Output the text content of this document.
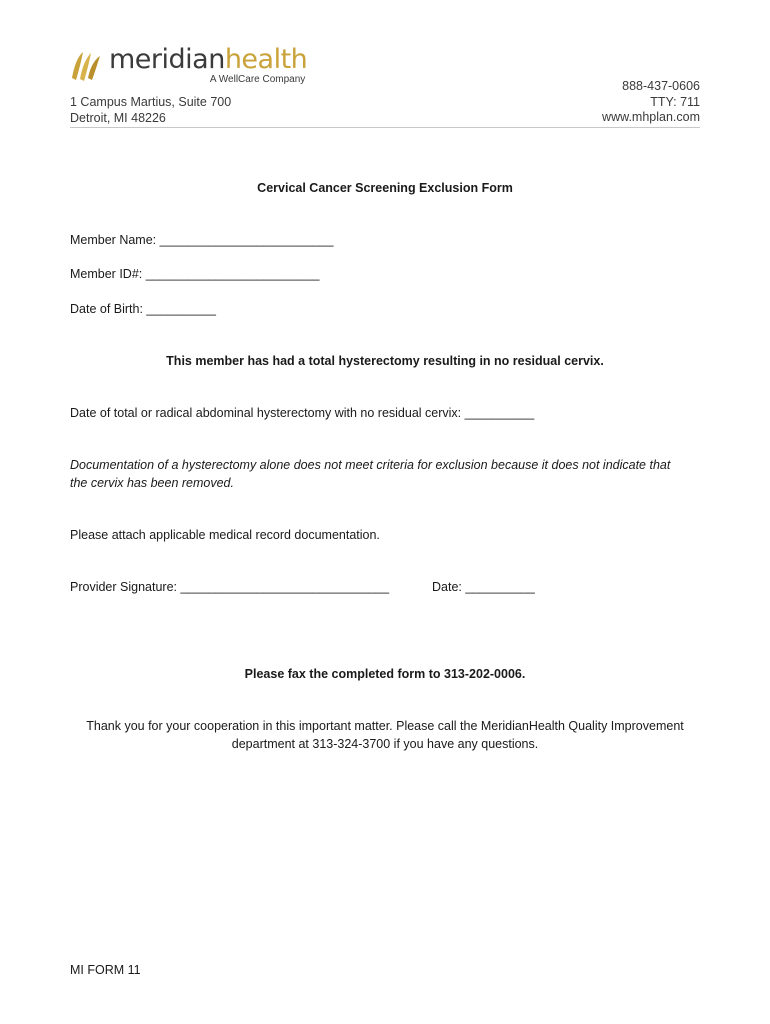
meridianhealth
A WellCare Company
1 Campus Martius, Suite 700
Detroit, MI 48226
888-437-0606
TTY: 711
www.mhplan.com
Cervical Cancer Screening Exclusion Form
Member Name: _________________________
Member ID#: _________________________
Date of Birth: __________
This member has had a total hysterectomy resulting in no residual cervix.
Date of total or radical abdominal hysterectomy with no residual cervix: __________
Documentation of a hysterectomy alone does not meet criteria for exclusion because it does not indicate that
the cervix has been removed.
Please attach applicable medical record documentation.
Provider Signature: ______________________________	Date: __________
Please fax the completed form to 313-202-0006.
Thank you for your cooperation in this important matter. Please call the MeridianHealth Quality Improvement
department at 313-324-3700 if you have any questions.
MI FORM 11
